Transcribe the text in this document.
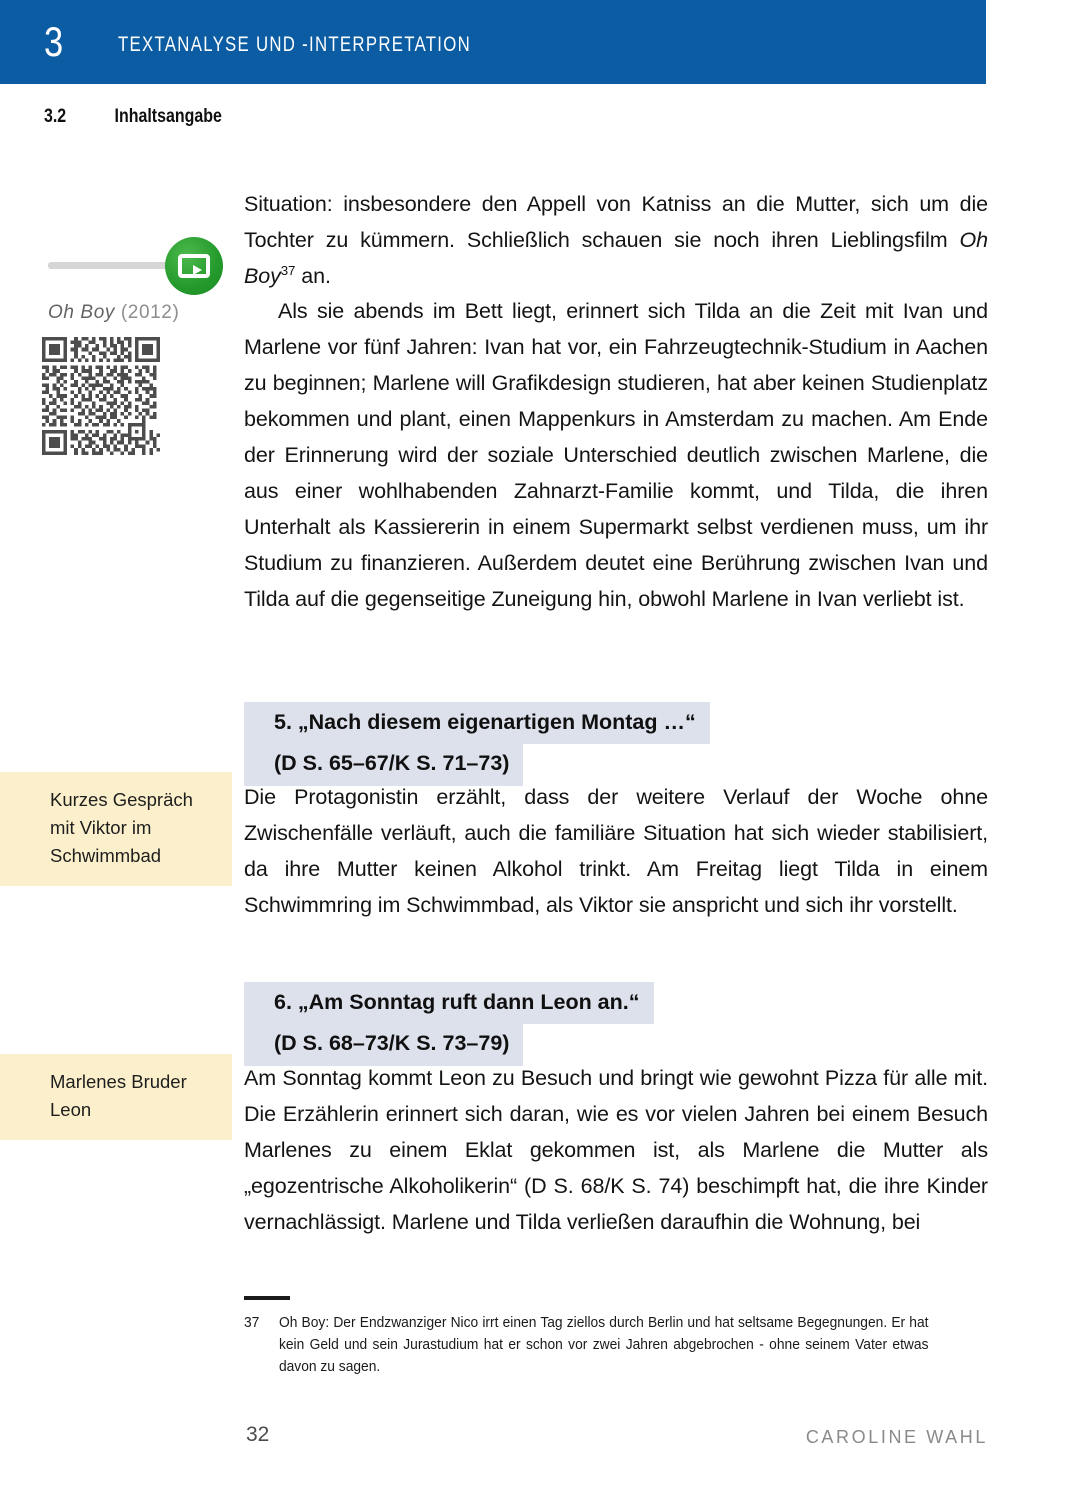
3	TEXTANALYSE UND -INTERPRETATION
3.2	Inhaltsangabe
Oh Boy (2012)
Kurzes Gespräch mit Viktor im Schwimmbad
Marlenes Bruder Leon

Situation: insbesondere den Appell von Katniss an die Mutter, sich um die Tochter zu kümmern. Schließlich schauen sie noch ihren Lieblingsfilm Oh Boy$^{37}$ an.

Als sie abends im Bett liegt, erinnert sich Tilda an die Zeit mit Ivan und Marlene vor fünf Jahren: Ivan hat vor, ein Fahrzeugtechnik-Studium in Aachen zu beginnen; Marlene will Grafikdesign studieren, hat aber keinen Studienplatz bekommen und plant, einen Mappenkurs in Amsterdam zu machen. Am Ende der Erinnerung wird der soziale Unterschied deutlich zwischen Marlene, die aus einer wohlhabenden Zahnarzt-Familie kommt, und Tilda, die ihren Unterhalt als Kassiererin in einem Supermarkt selbst verdienen muss, um ihr Studium zu finanzieren. Außerdem deutet eine Berührung zwischen Ivan und Tilda auf die gegenseitige Zuneigung hin, obwohl Marlene in Ivan verliebt ist.

5. „Nach diesem eigenartigen Montag …“
(D S. 65–67/K S. 71–73)

Die Protagonistin erzählt, dass der weitere Verlauf der Woche ohne Zwischenfälle verläuft, auch die familiäre Situation hat sich wieder stabilisiert, da ihre Mutter keinen Alkohol trinkt. Am Freitag liegt Tilda in einem Schwimmring im Schwimmbad, als Viktor sie anspricht und sich ihr vorstellt.

6. „Am Sonntag ruft dann Leon an.“
(D S. 68–73/K S. 73–79)

Am Sonntag kommt Leon zu Besuch und bringt wie gewohnt Pizza für alle mit. Die Erzählerin erinnert sich daran, wie es vor vielen Jahren bei einem Besuch Marlenes zu einem Eklat gekommen ist, als Marlene die Mutter als „egozentrische Alkoholikerin“ (D S. 68/K S. 74) beschimpft hat, die ihre Kinder vernachlässigt. Marlene und Tilda verließen daraufhin die Wohnung, bei

37	Oh Boy: Der Endzwanziger Nico irrt einen Tag ziellos durch Berlin und hat seltsame Begegnungen. Er hat kein Geld und sein Jurastudium hat er schon vor zwei Jahren abgebrochen - ohne seinem Vater etwas davon zu sagen.
32	CAROLINE WAHL
